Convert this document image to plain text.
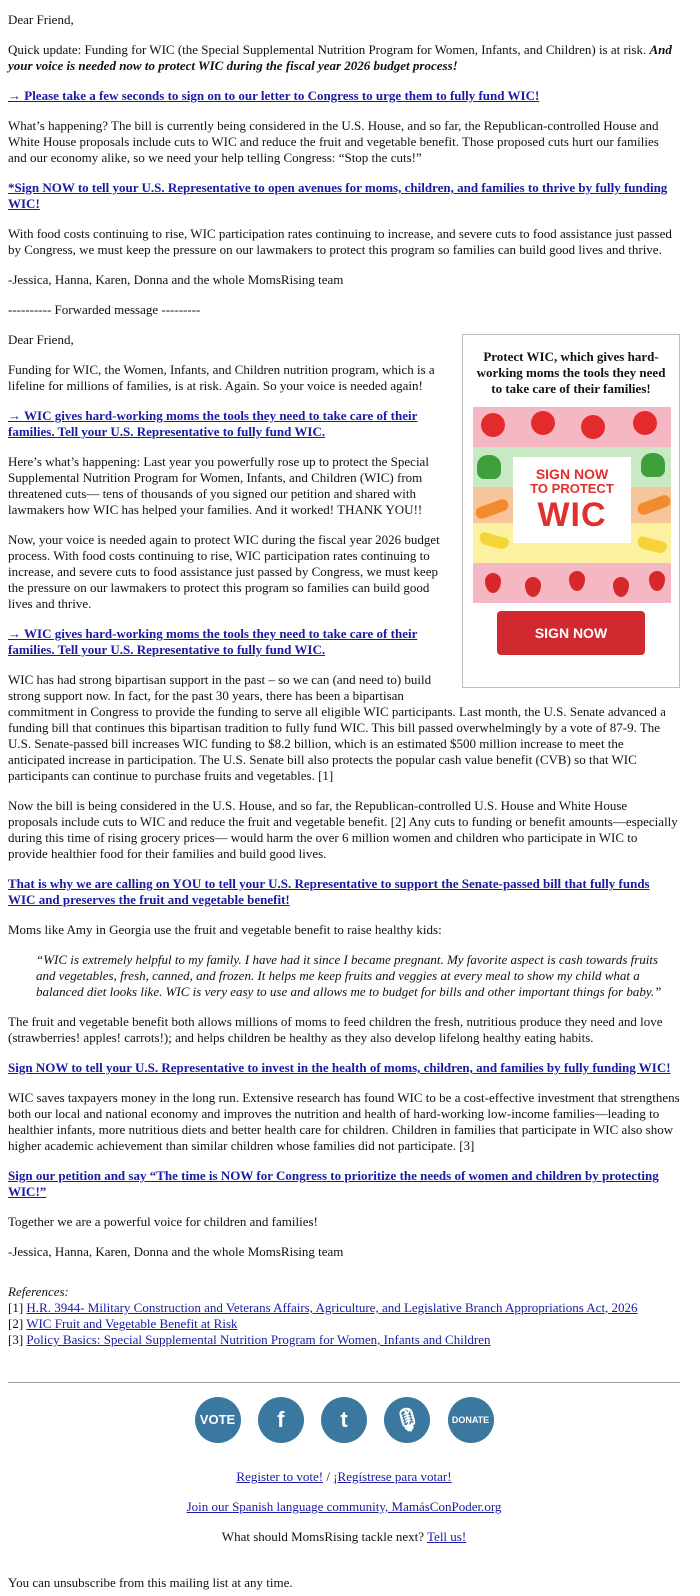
Dear Friend,

Quick update: Funding for WIC (the Special Supplemental Nutrition Program for Women, Infants, and Children) is at risk. And your voice is needed now to protect WIC during the fiscal year 2026 budget process!

→ Please take a few seconds to sign on to our letter to Congress to urge them to fully fund WIC!

What’s happening? The bill is currently being considered in the U.S. House, and so far, the Republican-controlled House and White House proposals include cuts to WIC and reduce the fruit and vegetable benefit. Those proposed cuts hurt our families and our economy alike, so we need your help telling Congress: “Stop the cuts!”

*Sign NOW to tell your U.S. Representative to open avenues for moms, children, and families to thrive by fully funding WIC!

With food costs continuing to rise, WIC participation rates continuing to increase, and severe cuts to food assistance just passed by Congress, we must keep the pressure on our lawmakers to protect this program so families can build good lives and thrive.

-Jessica, Hanna, Karen, Donna and the whole MomsRising team

---------- Forwarded message ---------

Protect WIC, which gives hard-working moms the tools they need to take care of their families!
SIGN NOW
TO PROTECT
WIC
SIGN NOW

Dear Friend,

Funding for WIC, the Women, Infants, and Children nutrition program, which is a lifeline for millions of families, is at risk. Again. So your voice is needed again!

→ WIC gives hard-working moms the tools they need to take care of their families. Tell your U.S. Representative to fully fund WIC.

Here’s what’s happening: Last year you powerfully rose up to protect the Special Supplemental Nutrition Program for Women, Infants, and Children (WIC) from threatened cuts— tens of thousands of you signed our petition and shared with lawmakers how WIC has helped your families. And it worked! THANK YOU!!

Now, your voice is needed again to protect WIC during the fiscal year 2026 budget process. With food costs continuing to rise, WIC participation rates continuing to increase, and severe cuts to food assistance just passed by Congress, we must keep the pressure on our lawmakers to protect this program so families can build good lives and thrive.

→ WIC gives hard-working moms the tools they need to take care of their families. Tell your U.S. Representative to fully fund WIC.

WIC has had strong bipartisan support in the past – so we can (and need to) build strong support now. In fact, for the past 30 years, there has been a bipartisan commitment in Congress to provide the funding to serve all eligible WIC participants. Last month, the U.S. Senate advanced a funding bill that continues this bipartisan tradition to fully fund WIC. This bill passed overwhelmingly by a vote of 87-9. The U.S. Senate-passed bill increases WIC funding to $8.2 billion, which is an estimated $500 million increase to meet the anticipated increase in participation. The U.S. Senate bill also protects the popular cash value benefit (CVB) so that WIC participants can continue to purchase fruits and vegetables. [1]

Now the bill is being considered in the U.S. House, and so far, the Republican-controlled U.S. House and White House proposals include cuts to WIC and reduce the fruit and vegetable benefit. [2] Any cuts to funding or benefit amounts—especially during this time of rising grocery prices— would harm the over 6 million women and children who participate in WIC to provide healthier food for their families and build good lives.

That is why we are calling on YOU to tell your U.S. Representative to support the Senate-passed bill that fully funds WIC and preserves the fruit and vegetable benefit!

Moms like Amy in Georgia use the fruit and vegetable benefit to raise healthy kids:

“WIC is extremely helpful to my family. I have had it since I became pregnant. My favorite aspect is cash towards fruits and vegetables, fresh, canned, and frozen. It helps me keep fruits and veggies at every meal to show my child what a balanced diet looks like. WIC is very easy to use and allows me to budget for bills and other important things for baby.”

The fruit and vegetable benefit both allows millions of moms to feed children the fresh, nutritious produce they need and love (strawberries! apples! carrots!); and helps children be healthy as they also develop lifelong healthy eating habits.

Sign NOW to tell your U.S. Representative to invest in the health of moms, children, and families by fully funding WIC!

WIC saves taxpayers money in the long run. Extensive research has found WIC to be a cost-effective investment that strengthens both our local and national economy and improves the nutrition and health of hard-working low-income families—leading to healthier infants, more nutritious diets and better health care for children. Children in families that participate in WIC also show higher academic achievement than similar children whose families did not participate. [3]

Sign our petition and say “The time is NOW for Congress to prioritize the needs of women and children by protecting WIC!”

Together we are a powerful voice for children and families!

-Jessica, Hanna, Karen, Donna and the whole MomsRising team

References:
[1] H.R. 3944- Military Construction and Veterans Affairs, Agriculture, and Legislative Branch Appropriations Act, 2026
[2] WIC Fruit and Vegetable Benefit at Risk
[3] Policy Basics: Special Supplemental Nutrition Program for Women, Infants and Children
VOTE f	t 🎙	DONATE

Register to vote! / ¡Regístrese para votar!

Join our Spanish language community, MamásConPoder.org

What should MomsRising tackle next? Tell us!

You can unsubscribe from this mailing list at any time.
